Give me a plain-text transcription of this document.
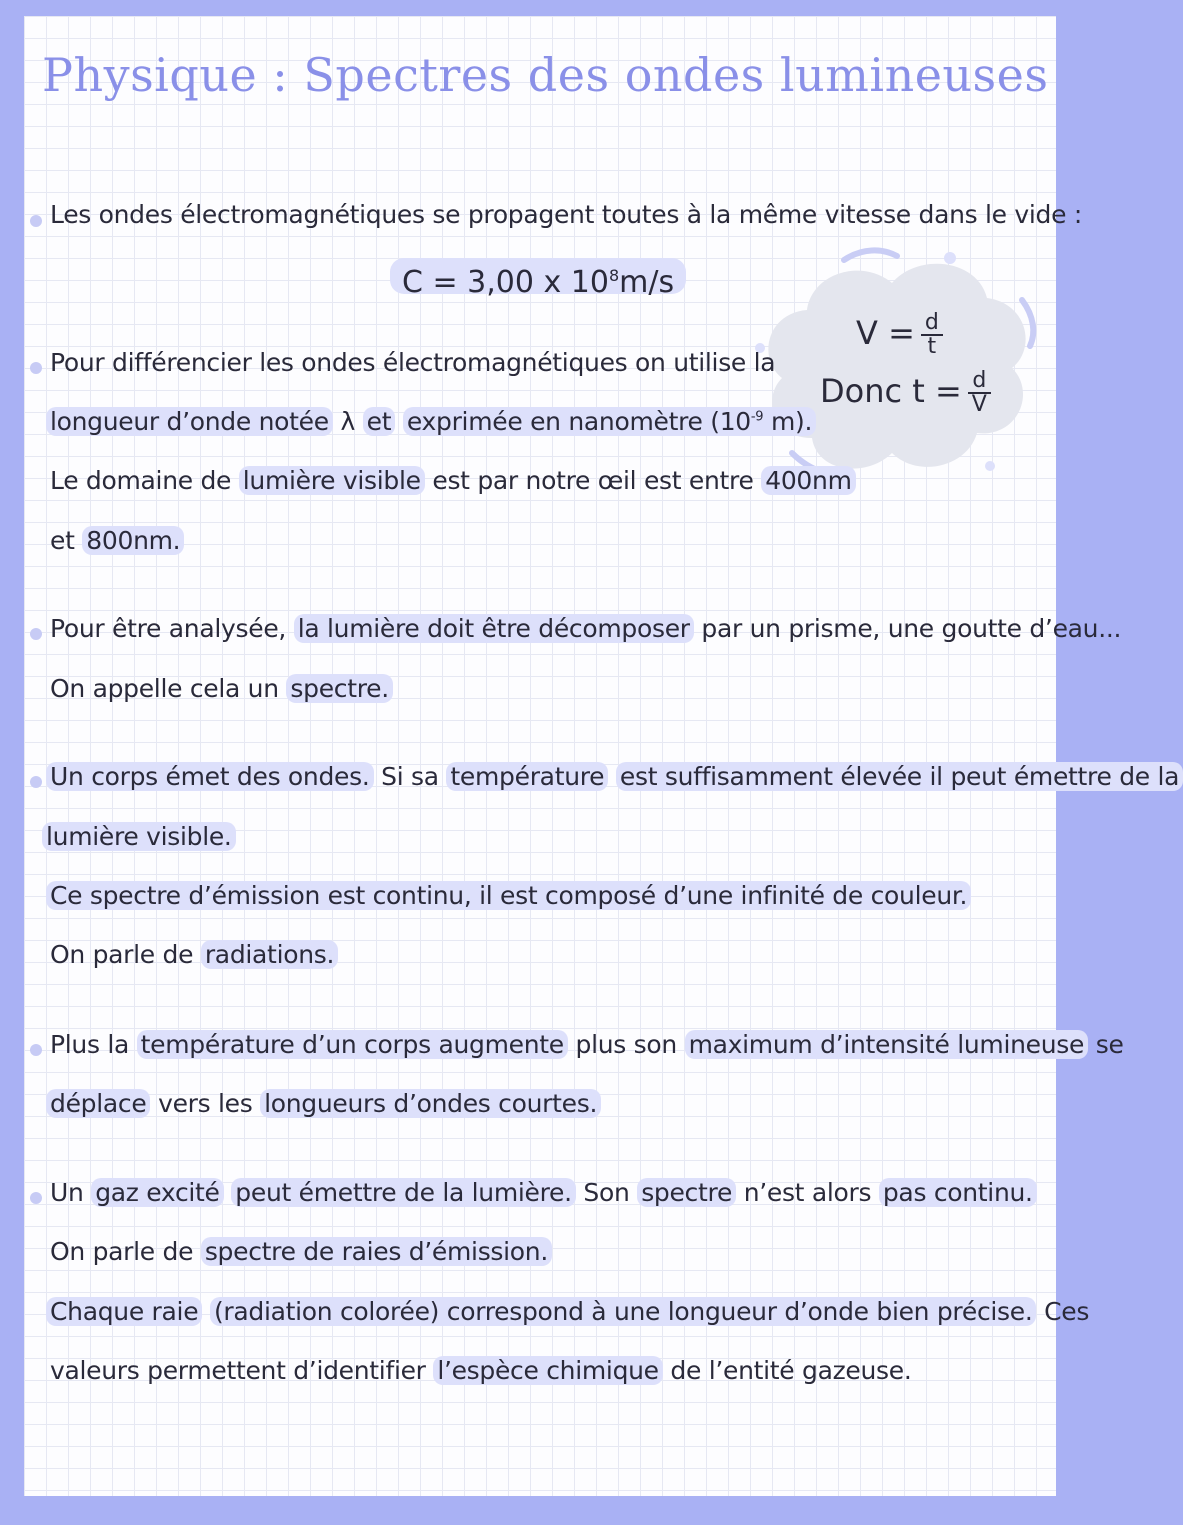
Physique : Spectres des ondes lumineuses

Les ondes électromagnétiques se propagent toutes à la même vitesse dans le vide :

C = 3,00 x $10^8m/s$
$V = \frac{d}{t}$
Donc $t = \frac{d}{V}$

Pour différencier les ondes électromagnétiques on utilise la

longueur d’onde notée λ et exprimée en nanomètre ($10^{-9}$ m).

Le domaine de lumière visible est par notre œil est entre 400nm

et 800nm.

Pour être analysée, la lumière doit être décomposer par un prisme, une goutte d’eau...

On appelle cela un spectre.

Un corps émet des ondes. Si sa température est suffisamment élevée il peut émettre de la

lumière visible.

Ce spectre d’émission est continu, il est composé d’une infinité de couleur.

On parle de radiations.

Plus la température d’un corps augmente plus son maximum d’intensité lumineuse se

déplace vers les longueurs d’ondes courtes.

Un gaz excité peut émettre de la lumière. Son spectre n’est alors pas continu.

On parle de spectre de raies d’émission.

Chaque raie (radiation colorée) correspond à une longueur d’onde bien précise. Ces

valeurs permettent d’identifier l’espèce chimique de l’entité gazeuse.
